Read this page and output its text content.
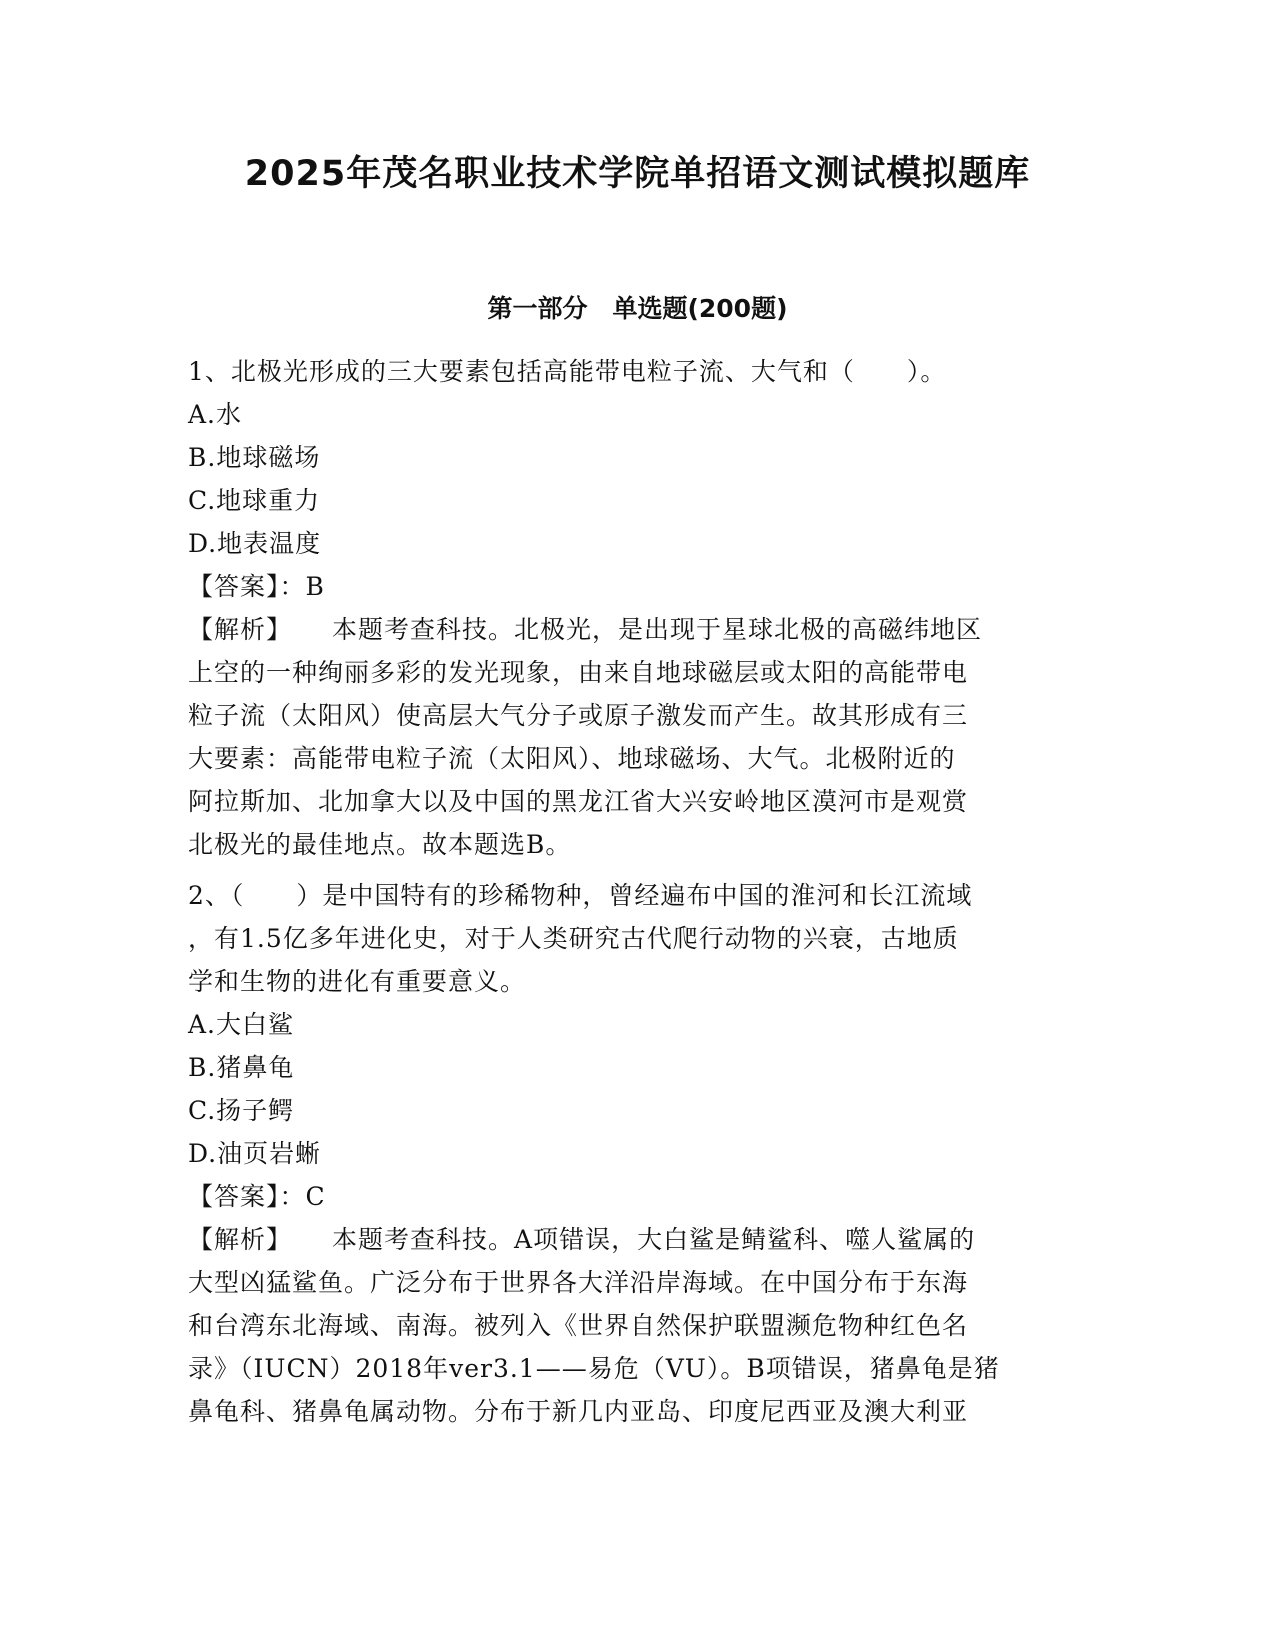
2025年茂名职业技术学院单招语文测试模拟题库
第一部分　单选题(200题)
1、北极光形成的三大要素包括高能带电粒子流、大气和（　　）。
A.水
B.地球磁场
C.地球重力
D.地表温度
【答案】：B
【解析】 本题考查科技。北极光，是出现于星球北极的高磁纬地区
上空的一种绚丽多彩的发光现象，由来自地球磁层或太阳的高能带电
粒子流（太阳风）使高层大气分子或原子激发而产生。故其形成有三
大要素：高能带电粒子流（太阳风）、地球磁场、大气。北极附近的
阿拉斯加、北加拿大以及中国的黑龙江省大兴安岭地区漠河市是观赏
北极光的最佳地点。故本题选B。
2、（　　）是中国特有的珍稀物种，曾经遍布中国的淮河和长江流域
，有1.5亿多年进化史，对于人类研究古代爬行动物的兴衰，古地质
学和生物的进化有重要意义。
A.大白鲨
B.猪鼻龟
C.扬子鳄
D.油页岩蜥
【答案】：C
【解析】 本题考查科技。A项错误，大白鲨是鲭鲨科、噬人鲨属的
大型凶猛鲨鱼。广泛分布于世界各大洋沿岸海域。在中国分布于东海
和台湾东北海域、南海。被列入《世界自然保护联盟濒危物种红色名
录》（IUCN）2018年ver3.1——易危（VU）。B项错误，猪鼻龟是猪
鼻龟科、猪鼻龟属动物。分布于新几内亚岛、印度尼西亚及澳大利亚
